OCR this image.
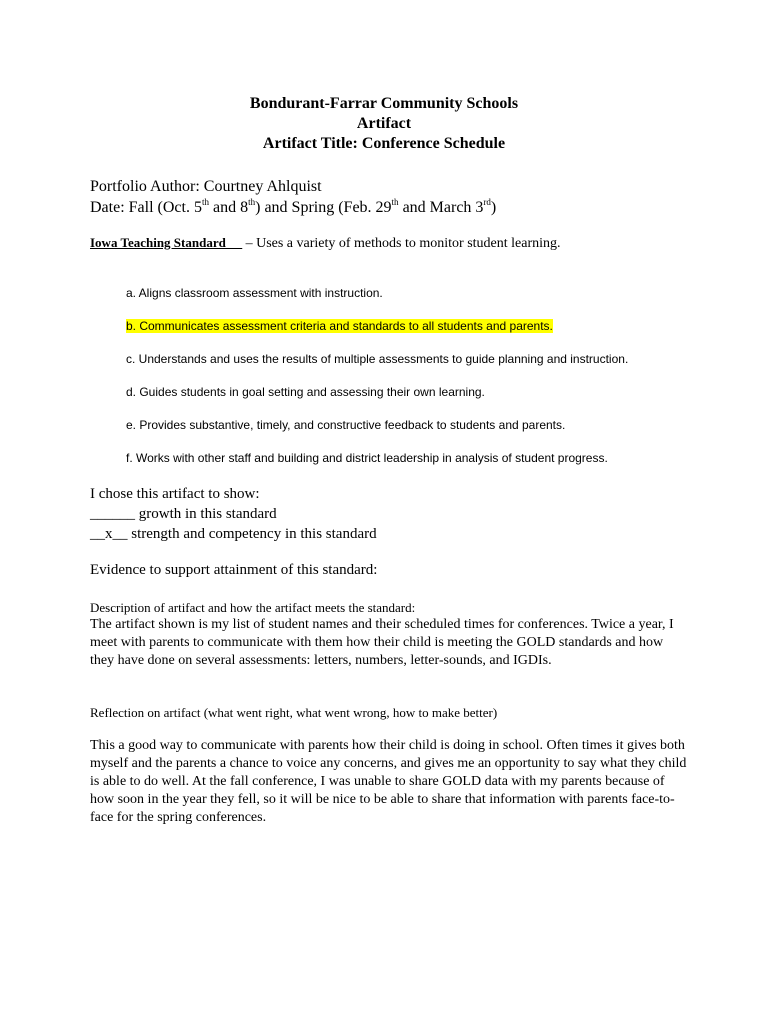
Bondurant-Farrar Community Schools
Artifact
Artifact Title: Conference Schedule
Portfolio Author: Courtney Ahlquist
Date: Fall (Oct. 5th and 8th) and Spring (Feb. 29th and March 3rd)
Iowa Teaching Standard __ – Uses a variety of methods to monitor student learning.
a. Aligns classroom assessment with instruction.
b. Communicates assessment criteria and standards to all students and parents.
c. Understands and uses the results of multiple assessments to guide planning and instruction.
d. Guides students in goal setting and assessing their own learning.
e. Provides substantive, timely, and constructive feedback to students and parents.
f. Works with other staff and building and district leadership in analysis of student progress.
I chose this artifact to show:
______ growth in this standard
__x__ strength and competency in this standard
Evidence to support attainment of this standard:
Description of artifact and how the artifact meets the standard:
The artifact shown is my list of student names and their scheduled times for conferences. Twice a year, I meet with parents to communicate with them how their child is meeting the GOLD standards and how they have done on several assessments: letters, numbers, letter-sounds, and IGDIs.
Reflection on artifact (what went right, what went wrong, how to make better)
This a good way to communicate with parents how their child is doing in school. Often times it gives both myself and the parents a chance to voice any concerns, and gives me an opportunity to say what they child is able to do well. At the fall conference, I was unable to share GOLD data with my parents because of how soon in the year they fell, so it will be nice to be able to share that information with parents face-to-face for the spring conferences.
